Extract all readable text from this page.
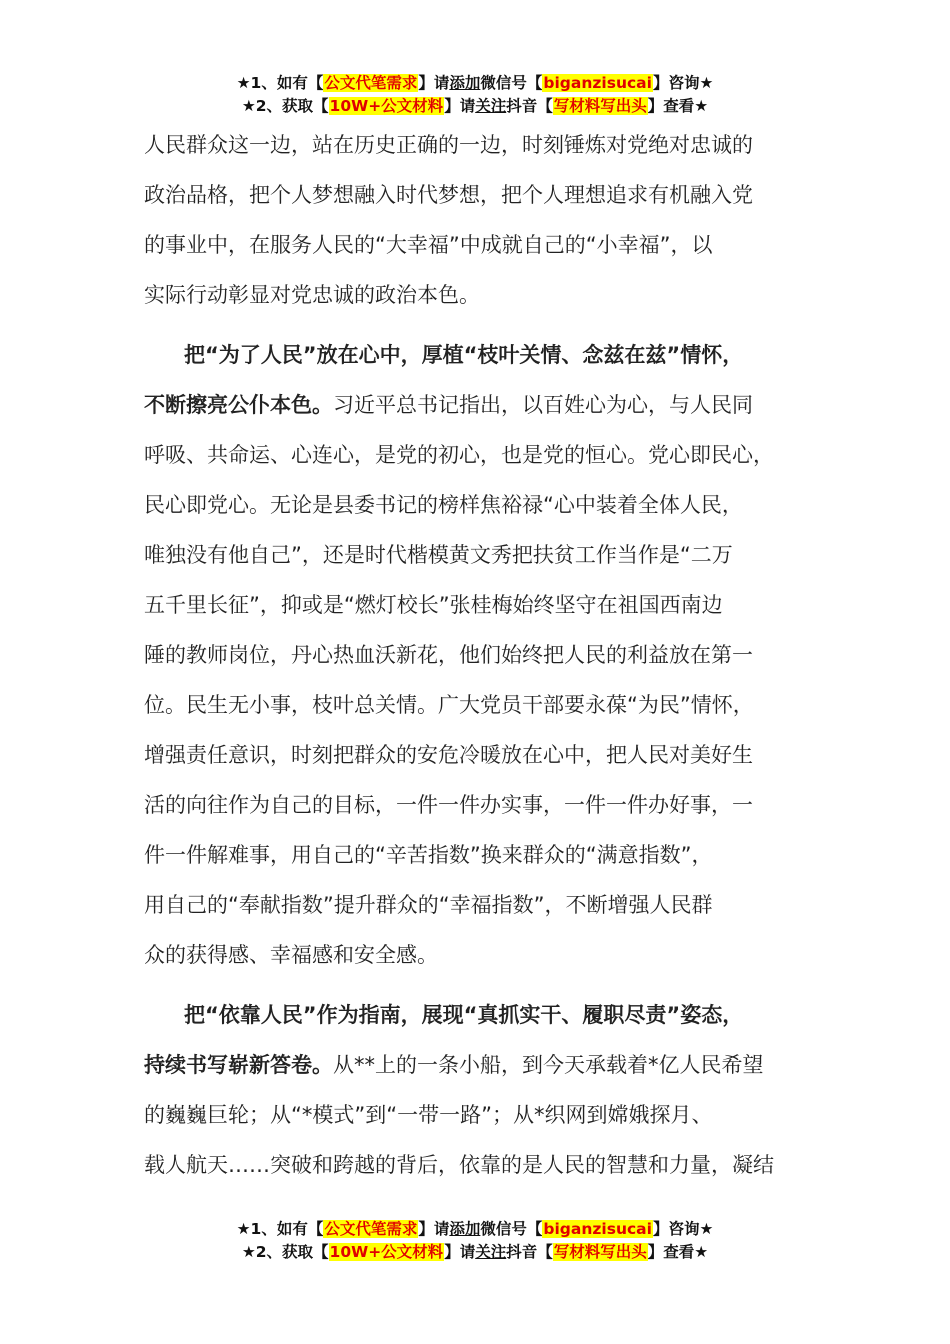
★1、如有【公文代笔需求】请添加微信号【biganzisucai】咨询★
★2、获取【10W+公文材料】请关注抖音【写材料写出头】查看★
人民群众这一边，站在历史正确的一边，时刻锤炼对党绝对忠诚的
政治品格，把个人梦想融入时代梦想，把个人理想追求有机融入党
的事业中，在服务人民的“大幸福”中成就自己的“小幸福”，以
实际行动彰显对党忠诚的政治本色。
把“为了人民”放在心中，厚植“枝叶关情、念兹在兹”情怀，
不断擦亮公仆本色。习近平总书记指出，以百姓心为心，与人民同
呼吸、共命运、心连心，是党的初心，也是党的恒心。党心即民心，
民心即党心。无论是县委书记的榜样焦裕禄“心中装着全体人民，
唯独没有他自己”，还是时代楷模黄文秀把扶贫工作当作是“二万
五千里长征”，抑或是“燃灯校长”张桂梅始终坚守在祖国西南边
陲的教师岗位，丹心热血沃新花，他们始终把人民的利益放在第一
位。民生无小事，枝叶总关情。广大党员干部要永葆“为民”情怀，
增强责任意识，时刻把群众的安危冷暖放在心中，把人民对美好生
活的向往作为自己的目标，一件一件办实事，一件一件办好事，一
件一件解难事，用自己的“辛苦指数”换来群众的“满意指数”，
用自己的“奉献指数”提升群众的“幸福指数”，不断增强人民群
众的获得感、幸福感和安全感。
把“依靠人民”作为指南，展现“真抓实干、履职尽责”姿态，
持续书写崭新答卷。从**上的一条小船，到今天承载着*亿人民希望
的巍巍巨轮；从“*模式”到“一带一路”；从*织网到嫦娥探月、
载人航天……突破和跨越的背后，依靠的是人民的智慧和力量，凝结
★1、如有【公文代笔需求】请添加微信号【biganzisucai】咨询★
★2、获取【10W+公文材料】请关注抖音【写材料写出头】查看★
